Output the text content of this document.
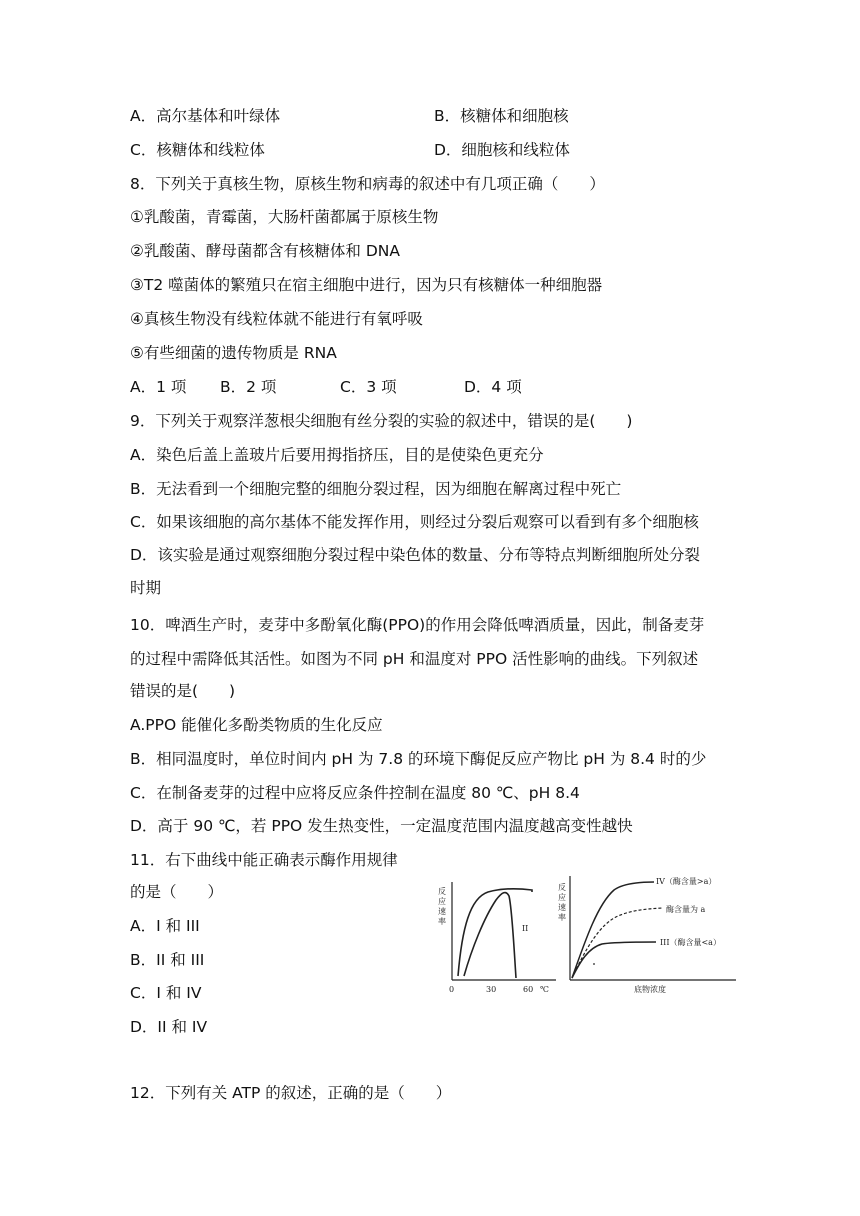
A．高尔基体和叶绿体	B．核糖体和细胞核
C．核糖体和线粒体	D．细胞核和线粒体
8．下列关于真核生物，原核生物和病毒的叙述中有几项正确（　　）
①乳酸菌，青霉菌，大肠杆菌都属于原核生物
②乳酸菌、酵母菌都含有核糖体和 DNA
③T2 噬菌体的繁殖只在宿主细胞中进行，因为只有核糖体一种细胞器
④真核生物没有线粒体就不能进行有氧呼吸
⑤有些细菌的遗传物质是 RNA
A．1 项 B．2 项	C．3 项	D．4 项
9．下列关于观察洋葱根尖细胞有丝分裂的实验的叙述中，错误的是(　　)
A．染色后盖上盖玻片后要用拇指挤压，目的是使染色更充分
B．无法看到一个细胞完整的细胞分裂过程，因为细胞在解离过程中死亡
C．如果该细胞的高尔基体不能发挥作用，则经过分裂后观察可以看到有多个细胞核
D．该实验是通过观察细胞分裂过程中染色体的数量、分布等特点判断细胞所处分裂
时期
10．啤酒生产时，麦芽中多酚氧化酶(PPO)的作用会降低啤酒质量，因此，制备麦芽
的过程中需降低其活性。如图为不同 pH 和温度对 PPO 活性影响的曲线。下列叙述
错误的是(　　)
A.PPO 能催化多酚类物质的生化反应
B．相同温度时，单位时间内 pH 为 7.8 的环境下酶促反应产物比 pH 为 8.4 时的少
C．在制备麦芽的过程中应将反应条件控制在温度 80 ℃、pH 8.4
D．高于 90 ℃，若 PPO 发生热变性，一定温度范围内温度越高变性越快
11．右下曲线中能正确表示酶作用规律
的是（　　）
A．I 和 III
B．II 和 III
C．I 和 IV
D．II 和 IV
反
应
速
率
II
0	30	60 ℃
反
应
速
率
IV（酶含量>a）
酶含量为 a
III（酶含量<a）
底物浓度
12．下列有关 ATP 的叙述，正确的是（　　）
